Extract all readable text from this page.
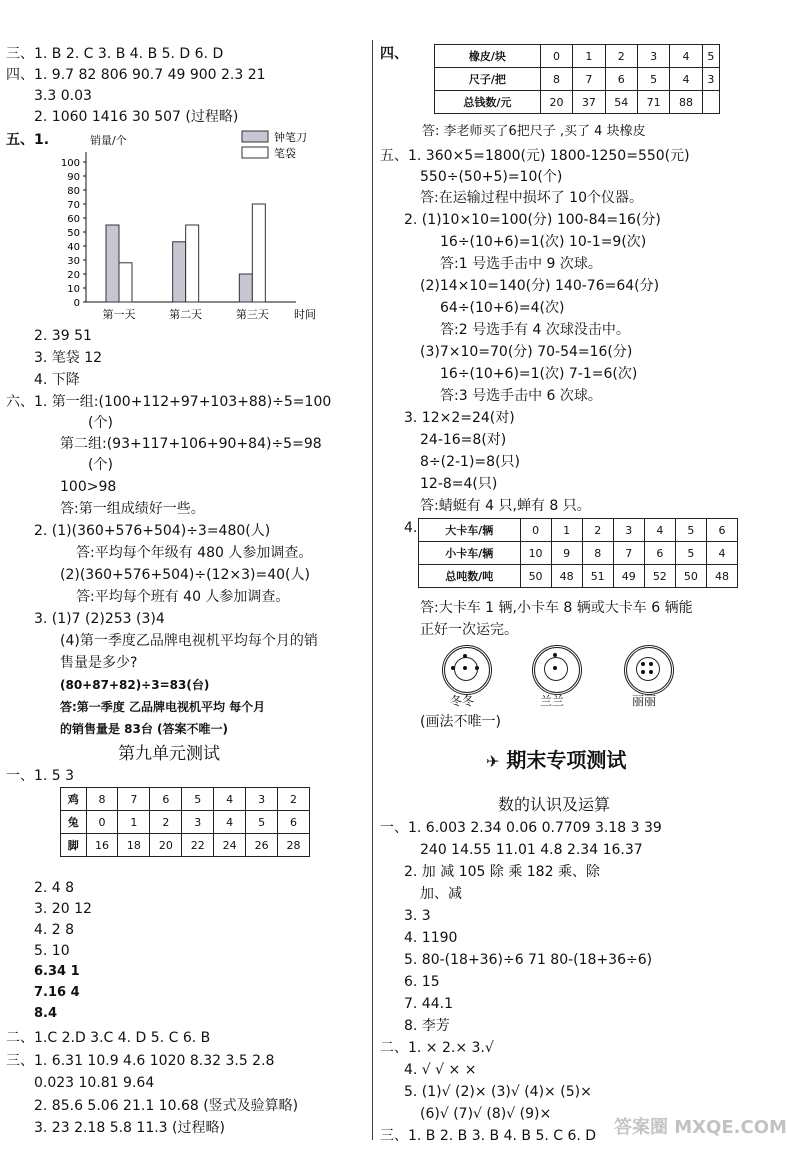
三、1. B 2. C 3. B 4. B 5. D 6. D
四、1. 9.7 82 806 90.7 49 900 2.3 21
3.3 0.03
2. 1060 1416 30 507 (过程略)
五、1.	销量/个
0
10
20
30
40
50
60
70
80
90
100
第一天	第二天	第三天 时间
钟笔刀
笔袋
2. 39 51
3. 笔袋 12
4. 下降
六、1. 第一组:(100+112+97+103+88)÷5=100
(个)
第二组:(93+117+106+90+84)÷5=98
(个)
100>98
答:第一组成绩好一些。
2. (1)(360+576+504)÷3=480(人)
答:平均每个年级有 480 人参加调查。
(2)(360+576+504)÷(12×3)=40(人)
答:平均每个班有 40 人参加调查。
3. (1)7 (2)253 (3)4
(4)第一季度乙品牌电视机平均每个月的销
售量是多少?
(80+87+82)÷3=83(台)
答:第一季度 乙品牌电视机平均 每个月
的销售量是 83台 (答案不唯一)
第九单元测试
一、1. 5 3
鸡	8	7	6	5	4	3	2
兔	0	1	2	3	4	5	6
脚	16	18	20	22	24	26	28
2. 4 8
3. 20 12
4. 2 8
5. 10
6.34 1
7.16 4
8.4
二、1.C 2.D 3.C 4. D 5. C 6. B
三、1. 6.31 10.9 4.6 1020 8.32 3.5 2.8
0.023 10.81 9.64
2. 85.6 5.06 21.1 10.68 (竖式及验算略)
3. 23 2.18 5.8 11.3 (过程略)
四、	橡皮/块	0	1	2	3	4	5
尺子/把	8	7	6	5	4	3
总钱数/元	20	37	54	71	88	
答: 李老师买了6把尺子 ,买了 4 块橡皮
五、1. 360×5=1800(元) 1800-1250=550(元)
550÷(50+5)=10(个)
答:在运输过程中损坏了 10个仪器。
2. (1)10×10=100(分) 100-84=16(分)
16÷(10+6)=1(次) 10-1=9(次)
答:1 号选手击中 9 次球。
(2)14×10=140(分) 140-76=64(分)
64÷(10+6)=4(次)
答:2 号选手有 4 次球没击中。
(3)7×10=70(分) 70-54=16(分)
16÷(10+6)=1(次) 7-1=6(次)
答:3 号选手击中 6 次球。
3. 12×2=24(对)
24-16=8(对)
8÷(2-1)=8(只)
12-8=4(只)
答:蜻蜓有 4 只,蝉有 8 只。
4.	大卡车/辆	0	1	2	3	4	5	6
小卡车/辆	10	9	8	7	6	5	4
总吨数/吨	50	48	51	49	52	50	48
答:大卡车 1 辆,小卡车 8 辆或大卡车 6 辆能
正好一次运完。
冬冬	兰兰	丽丽
(画法不唯一)
✈ 期末专项测试
数的认识及运算
一、1. 6.003 2.34 0.06 0.7709 3.18 3 39
240 14.55 11.01 4.8 2.34 16.37
2. 加 减 105 除 乘 182 乘、除
加、减
3. 3
4. 1190
5. 80-(18+36)÷6 71 80-(18+36÷6)
6. 15
7. 44.1
8. 李芳
二、1. × 2.× 3.√
4. √ √ × ×
5. (1)√ (2)× (3)√ (4)× (5)×
(6)√ (7)√ (8)√ (9)×
三、1. B 2. B 3. B 4. B 5. C 6. D 答案圈 MXQE.COM
